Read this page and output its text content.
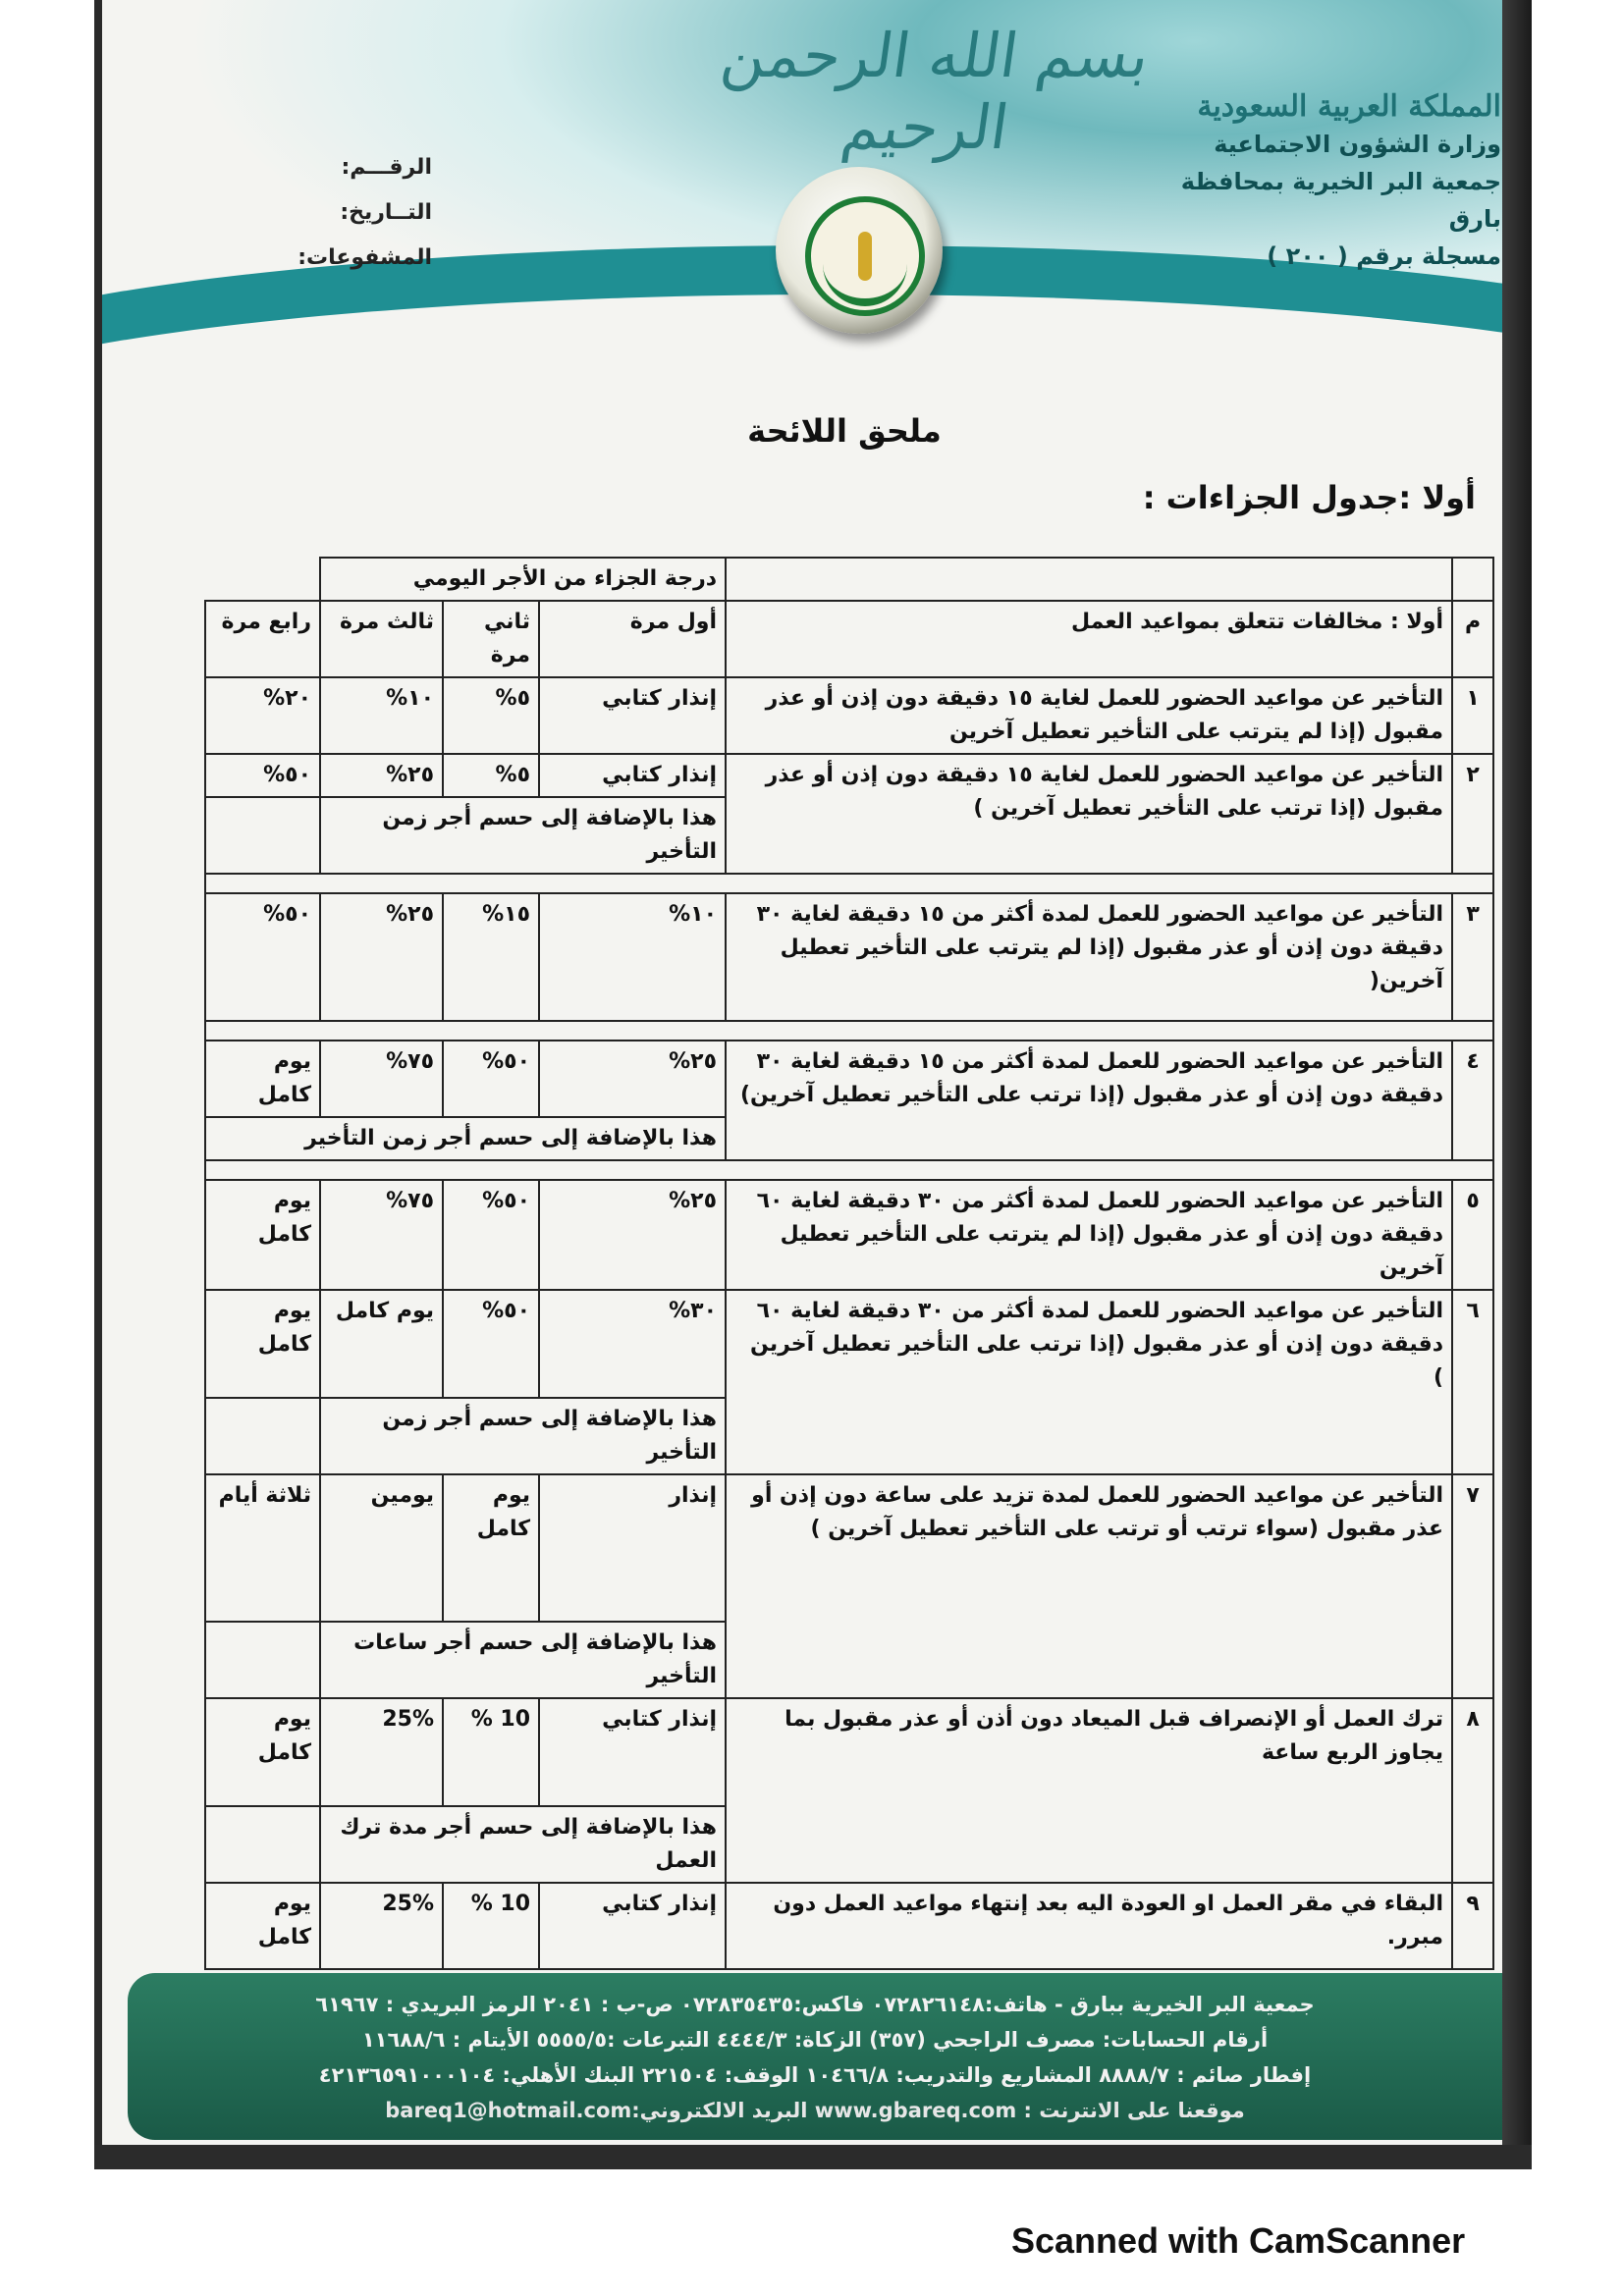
بسم الله الرحمن الرحيم	المملكة العربية السعودية
وزارة الشؤون الاجتماعية
جمعية البر الخيرية بمحافظة بارق
مسجلة برقم ( ٢٠٠ )
الرقـــم:
التــاريخ:
المشفوعات:
ملحق اللائحة
أولا :جدول الجزاءات :
		درجة الجزاء من الأجر اليومي			
م	أولا : مخالفات تتعلق بمواعيد العمل	أول مرة	ثاني مرة	ثالث مرة	رابع مرة
١	التأخير عن مواعيد الحضور للعمل لغاية ١٥ دقيقة دون إذن أو عذر مقبول (إذا لم يترتب على التأخير تعطيل آخرين	إنذار كتابي	٥%	١٠%	٢٠%
٢	التأخير عن مواعيد الحضور للعمل لغاية ١٥ دقيقة دون إذن أو عذر مقبول (إذا ترتب على التأخير تعطيل آخرين )	إنذار كتابي	٥%	٢٥%	٥٠%
		هذا بالإضافة إلى حسم أجر زمن التأخير			

٣	التأخير عن مواعيد الحضور للعمل لمدة أكثر من ١٥ دقيقة لغاية ٣٠ دقيقة دون إذن أو عذر مقبول (إذا لم يترتب على التأخير تعطيل آخرين(	١٠%	١٥%	٢٥%	٥٠%

٤	التأخير عن مواعيد الحضور للعمل لمدة أكثر من ١٥ دقيقة لغاية ٣٠ دقيقة دون إذن أو عذر مقبول (إذا ترتب على التأخير تعطيل آخرين)	٢٥%	٥٠%	٧٥%	يوم كامل
		هذا بالإضافة إلى حسم أجر زمن التأخير			

٥	التأخير عن مواعيد الحضور للعمل لمدة أكثر من ٣٠ دقيقة لغاية ٦٠ دقيقة دون إذن أو عذر مقبول (إذا لم يترتب على التأخير تعطيل آخرين	٢٥%	٥٠%	٧٥%	يوم كامل
٦	التأخير عن مواعيد الحضور للعمل لمدة أكثر من ٣٠ دقيقة لغاية ٦٠ دقيقة دون إذن أو عذر مقبول (إذا ترتب على التأخير تعطيل آخرين )	٣٠%	٥٠%	يوم كامل	يوم كامل
		هذا بالإضافة إلى حسم أجر زمن التأخير			
٧	التأخير عن مواعيد الحضور للعمل لمدة تزيد على ساعة دون إذن أو عذر مقبول (سواء ترتب أو ترتب على التأخير تعطيل آخرين )	إنذار	يوم كامل	يومين	ثلاثة أيام
		هذا بالإضافة إلى حسم أجر ساعات التأخير			
٨	ترك العمل أو الإنصراف قبل الميعاد دون أذن أو عذر مقبول بما يجاوز الربع ساعة	إنذار كتابي	10 %	25%	يوم كامل
		هذا بالإضافة إلى حسم أجر مدة ترك العمل			
٩	البقاء في مقر العمل او العودة اليه بعد إنتهاء مواعيد العمل دون مبرر.	إنذار كتابي	10 %	25%	يوم كامل
جمعية البر الخيرية ببارق - هاتف:٠٧٢٨٢٦١٤٨ فاكس:٠٧٢٨٣٥٤٣٥ ص-ب : ٢٠٤١ الرمز البريدي : ٦١٩٦٧
أرقام الحسابات: مصرف الراجحي (٣٥٧) الزكاة: ٤٤٤٤/٣ التبرعات :٥٥٥٥/٥ الأيتام : ١١٦٨٨/٦
إفطار صائم : ٨٨٨٨/٧ المشاريع والتدريب: ١٠٤٦٦/٨ الوقف: ٢٢١٥٠٤ البنك الأهلي: ٤٢١٣٦٥٩١٠٠٠١٠٤
موقعنا على الانترنت : www.gbareq.com البريد الالكتروني:bareq1@hotmail.com
Scanned with CamScanner
